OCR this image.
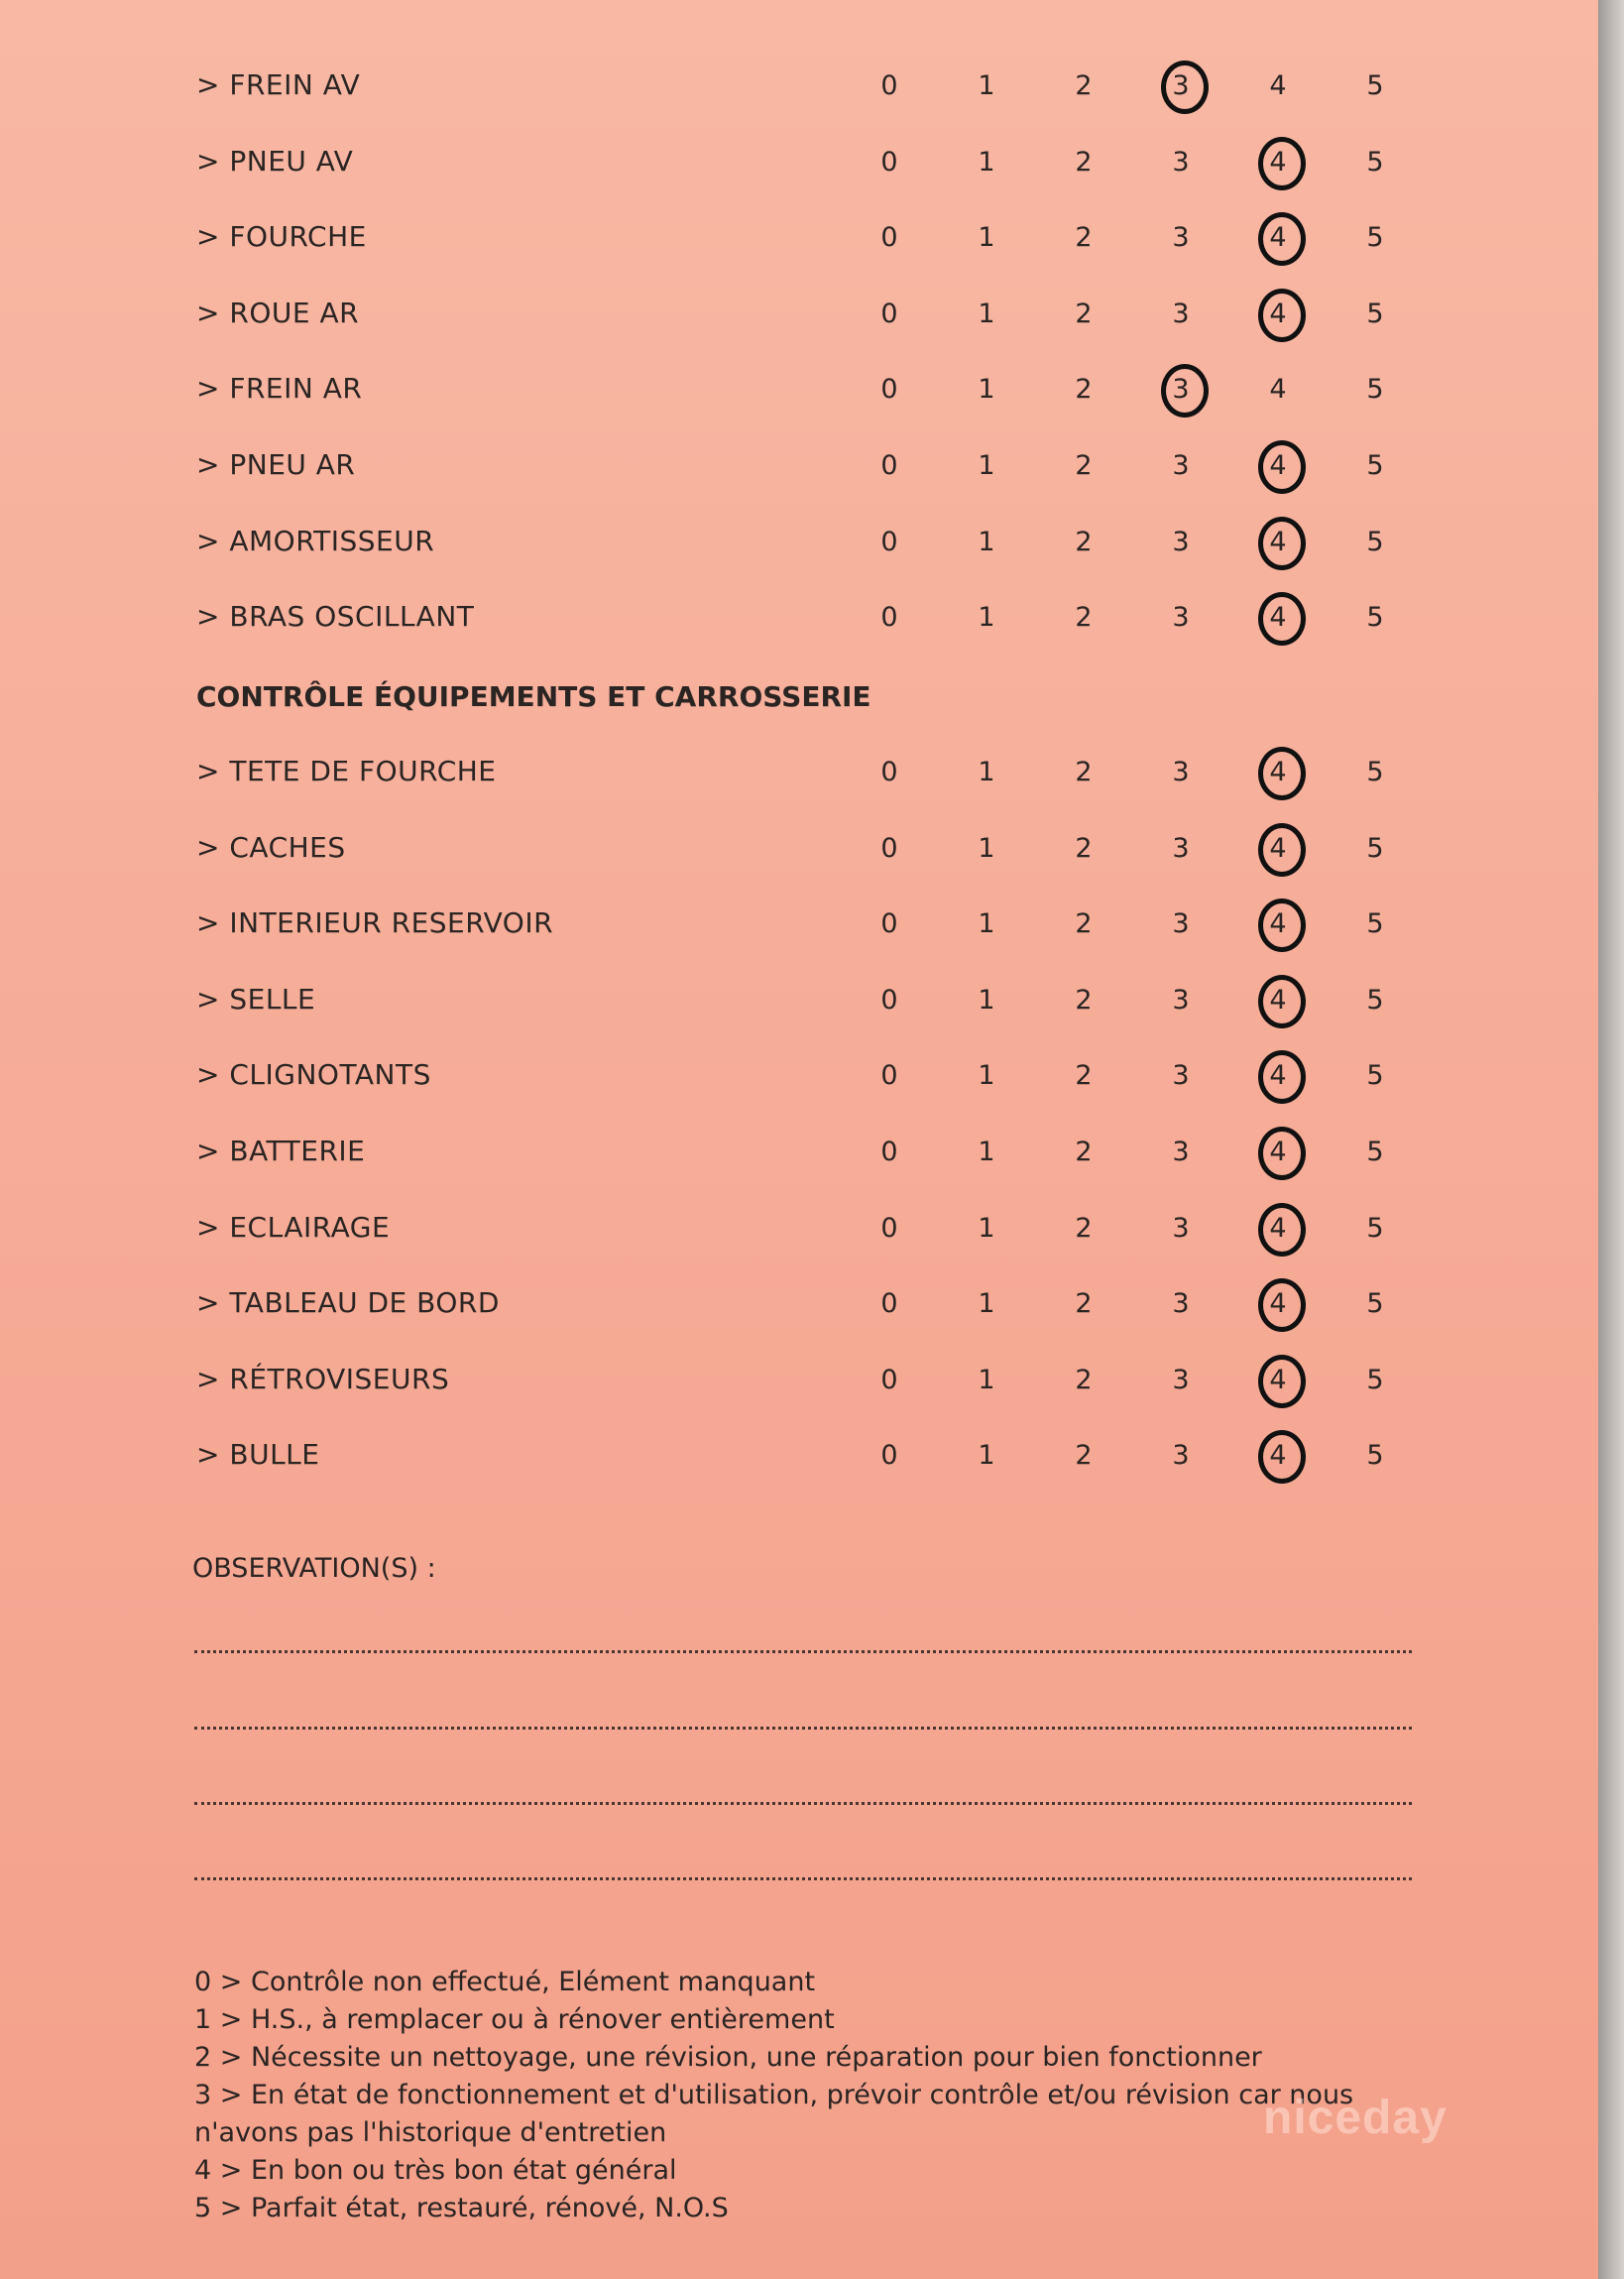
> FREIN AV	0	1	2	3	4	5
> PNEU AV	0	1	2	3	4	5
> FOURCHE	0	1	2	3	4	5
> ROUE AR	0	1	2	3	4	5
> FREIN AR	0	1	2	3	4	5
> PNEU AR	0	1	2	3	4	5
> AMORTISSEUR	0	1	2	3	4	5
> BRAS OSCILLANT	0	1	2	3	4	5
> TETE DE FOURCHE	0	1	2	3	4	5
> CACHES	0	1	2	3	4	5
> INTERIEUR RESERVOIR	0	1	2	3	4	5
> SELLE	0	1	2	3	4	5
> CLIGNOTANTS	0	1	2	3	4	5
> BATTERIE	0	1	2	3	4	5
> ECLAIRAGE	0	1	2	3	4	5
> TABLEAU DE BORD	0	1	2	3	4	5
> RÉTROVISEURS	0	1	2	3	4	5
> BULLE	0	1	2	3	4	5
CONTRÔLE ÉQUIPEMENTS ET CARROSSERIE
OBSERVATION(S) :
0 > Contrôle non effectué, Elément manquant
1 > H.S., à remplacer ou à rénover entièrement
2 > Nécessite un nettoyage, une révision, une réparation pour bien fonctionner
3 > En état de fonctionnement et d'utilisation, prévoir contrôle et/ou révision car nous n'avons pas l'historique d'entretien
4 > En bon ou très bon état général
5 > Parfait état, restauré, rénové, N.O.S
niceday
